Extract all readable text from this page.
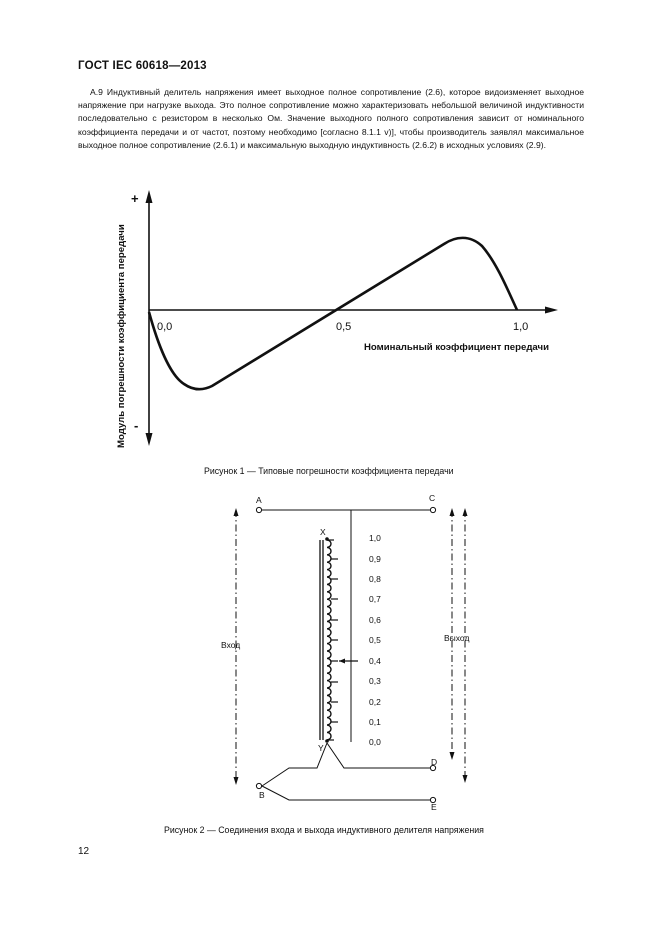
ГОСТ IEC 60618—2013

А.9 Индуктивный делитель напряжения имеет выходное полное сопротивление (2.6), которое видоизменяет выходное напряжение при нагрузке выхода. Это полное сопротивление можно характеризовать небольшой величиной индуктивности последовательно с резистором в несколько Ом. Значение выходного полного сопротивления зависит от номинального коэффициента передачи и от частот, поэтому необходимо [согласно 8.1.1 v)], чтобы производитель заявлял максимальное выходное полное сопротивление (2.6.1) и максимальную выходную индуктивность (2.6.2) в исходных условиях (2.9).

+
-
0,0	0,5	1,0
Номинальный коэффициент передачи
Модуль погрешности коэффициента передачи
A	C
B
D
E
X
Y
Вход
Выход
1,0
0,9
0,8
0,7
0,6
0,5
0,4
0,3
0,2
0,1
0,0
Рисунок 1 — Типовые погрешности коэффициента передачи
Рисунок 2 — Соединения входа и выхода индуктивного делителя напряжения
12
